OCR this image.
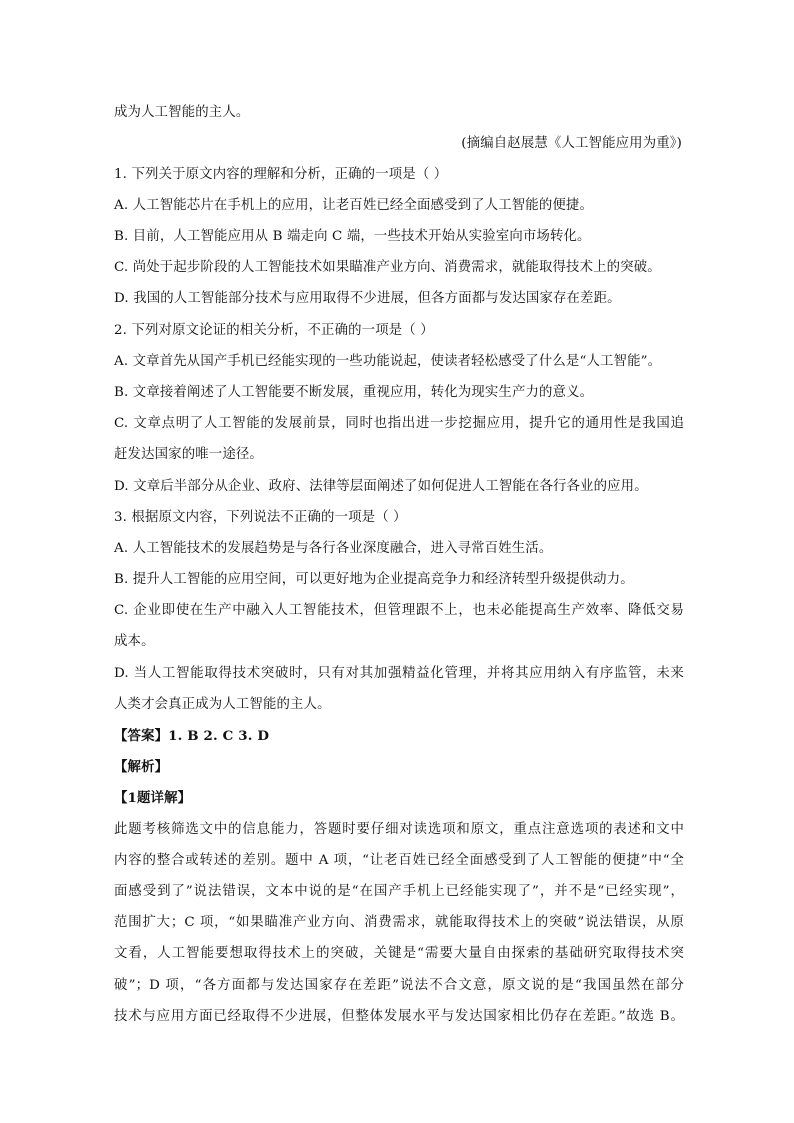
成为人工智能的主人。
(摘编自赵展慧《人工智能应用为重》)
1. 下列关于原文内容的理解和分析，正确的一项是（ ）
A. 人工智能芯片在手机上的应用，让老百姓已经全面感受到了人工智能的便捷。
B. 目前，人工智能应用从 B 端走向 C 端，一些技术开始从实验室向市场转化。
C. 尚处于起步阶段的人工智能技术如果瞄准产业方向、消费需求，就能取得技术上的突破。
D. 我国的人工智能部分技术与应用取得不少进展，但各方面都与发达国家存在差距。
2. 下列对原文论证的相关分析，不正确的一项是（ ）
A. 文章首先从国产手机已经能实现的一些功能说起，使读者轻松感受了什么是“人工智能”。
B. 文章接着阐述了人工智能要不断发展，重视应用，转化为现实生产力的意义。
C. 文章点明了人工智能的发展前景，同时也指出进一步挖掘应用，提升它的通用性是我国追
赶发达国家的唯一途径。
D. 文章后半部分从企业、政府、法律等层面阐述了如何促进人工智能在各行各业的应用。
3. 根据原文内容，下列说法不正确的一项是（ ）
A. 人工智能技术的发展趋势是与各行各业深度融合，进入寻常百姓生活。
B. 提升人工智能的应用空间，可以更好地为企业提高竞争力和经济转型升级提供动力。
C. 企业即使在生产中融入人工智能技术，但管理跟不上，也未必能提高生产效率、降低交易
成本。
D. 当人工智能取得技术突破时，只有对其加强精益化管理，并将其应用纳入有序监管，未来
人类才会真正成为人工智能的主人。
【答案】1. B 2. C 3. D
【解析】
【1题详解】
此题考核筛选文中的信息能力，答题时要仔细对读选项和原文，重点注意选项的表述和文中
内容的整合或转述的差别。题中 A 项，“让老百姓已经全面感受到了人工智能的便捷”中“全
面感受到了”说法错误，文本中说的是“在国产手机上已经能实现了”，并不是“已经实现”，
范围扩大；C 项，“如果瞄准产业方向、消费需求，就能取得技术上的突破”说法错误，从原
文看，人工智能要想取得技术上的突破，关键是“需要大量自由探索的基础研究取得技术突
破”；D 项，“各方面都与发达国家存在差距”说法不合文意，原文说的是“我国虽然在部分
技术与应用方面已经取得不少进展，但整体发展水平与发达国家相比仍存在差距。”故选 B。
